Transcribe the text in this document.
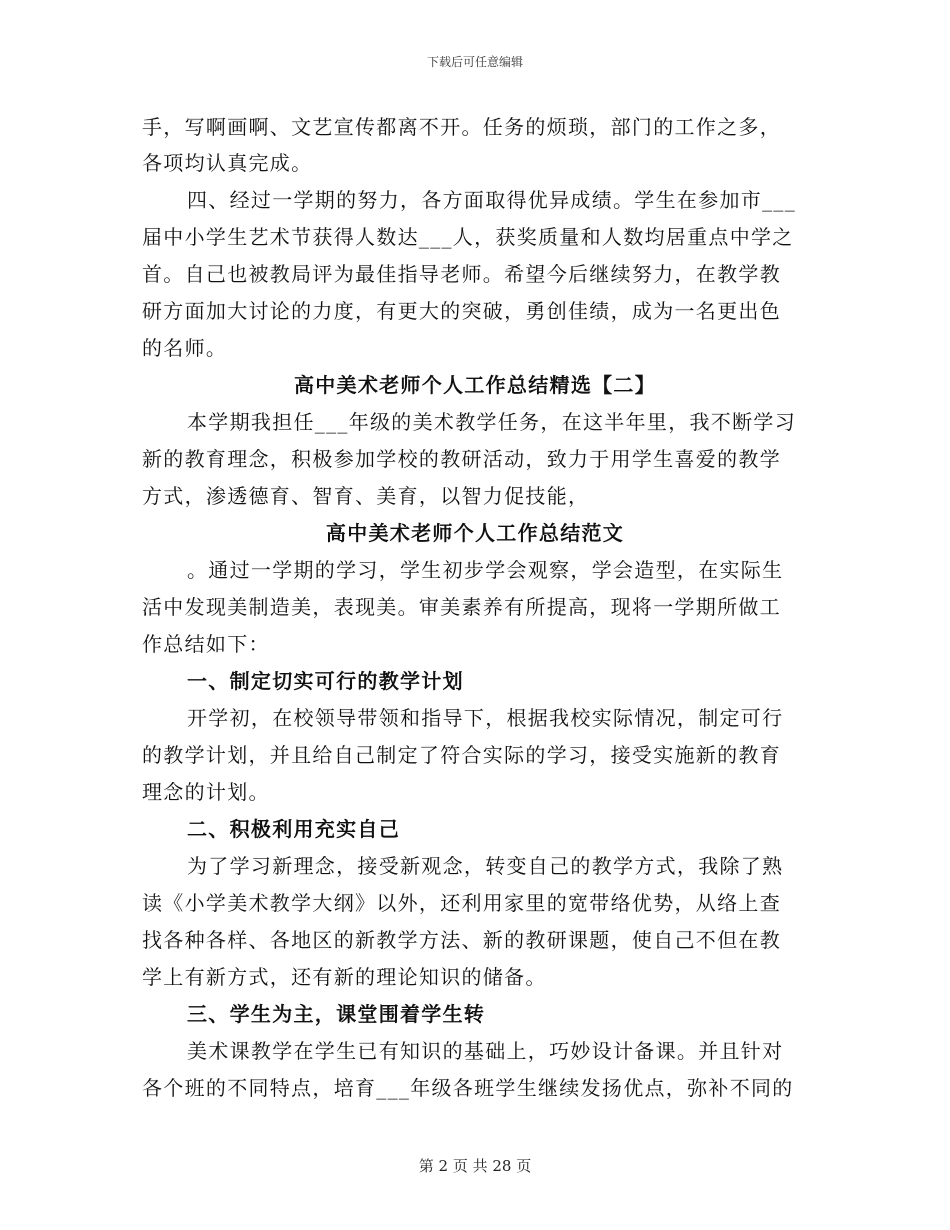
下载后可任意编辑
手，写啊画啊、文艺宣传都离不开。任务的烦琐，部门的工作之多，
各项均认真完成。
四、经过一学期的努力，各方面取得优异成绩。学生在参加市___
届中小学生艺术节获得人数达___人，获奖质量和人数均居重点中学之
首。自己也被教局评为最佳指导老师。希望今后继续努力，在教学教
研方面加大讨论的力度，有更大的突破，勇创佳绩，成为一名更出色
的名师。
高中美术老师个人工作总结精选【二】
本学期我担任___年级的美术教学任务，在这半年里，我不断学习
新的教育理念，积极参加学校的教研活动，致力于用学生喜爱的教学
方式，渗透德育、智育、美育，以智力促技能，
高中美术老师个人工作总结范文
。通过一学期的学习，学生初步学会观察，学会造型，在实际生
活中发现美制造美，表现美。审美素养有所提高，现将一学期所做工
作总结如下：
一、制定切实可行的教学计划
开学初，在校领导带领和指导下，根据我校实际情况，制定可行
的教学计划，并且给自己制定了符合实际的学习，接受实施新的教育
理念的计划。
二、积极利用充实自己
为了学习新理念，接受新观念，转变自己的教学方式，我除了熟
读《小学美术教学大纲》以外，还利用家里的宽带络优势，从络上查
找各种各样、各地区的新教学方法、新的教研课题，使自己不但在教
学上有新方式，还有新的理论知识的储备。
三、学生为主，课堂围着学生转
美术课教学在学生已有知识的基础上，巧妙设计备课。并且针对
各个班的不同特点，培育___年级各班学生继续发扬优点，弥补不同的
第 2 页 共 28 页
